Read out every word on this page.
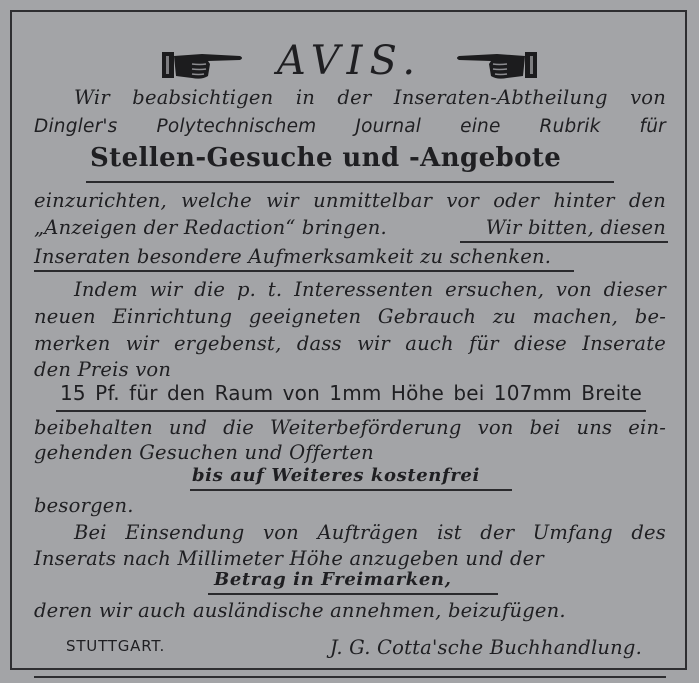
AVIS.
Wir beabsichtigen in der Inseraten-Abtheilung von
Dingler's Polytechnischem Journal eine Rubrik für
Stellen-Gesuche und -Angebote
einzurichten, welche wir unmittelbar vor oder hinter den
„Anzeigen der Redaction“ bringen.	Wir bitten, diesen
Inseraten besondere Aufmerksamkeit zu schenken.
Indem wir die p. t. Interessenten ersuchen, von dieser
neuen Einrichtung geeigneten Gebrauch zu machen, be-
merken wir ergebenst, dass wir auch für diese Inserate
den Preis von
15 Pf. für den Raum von 1mm Höhe bei 107mm Breite
beibehalten und die Weiterbeförderung von bei uns ein-
gehenden Gesuchen und Offerten
bis auf Weiteres kostenfrei
besorgen.
Bei Einsendung von Aufträgen ist der Umfang des
Inserats nach Millimeter Höhe anzugeben und der
Betrag in Freimarken,
deren wir auch ausländische annehmen, beizufügen.
STUTTGART.	J. G. Cotta'sche Buchhandlung.
